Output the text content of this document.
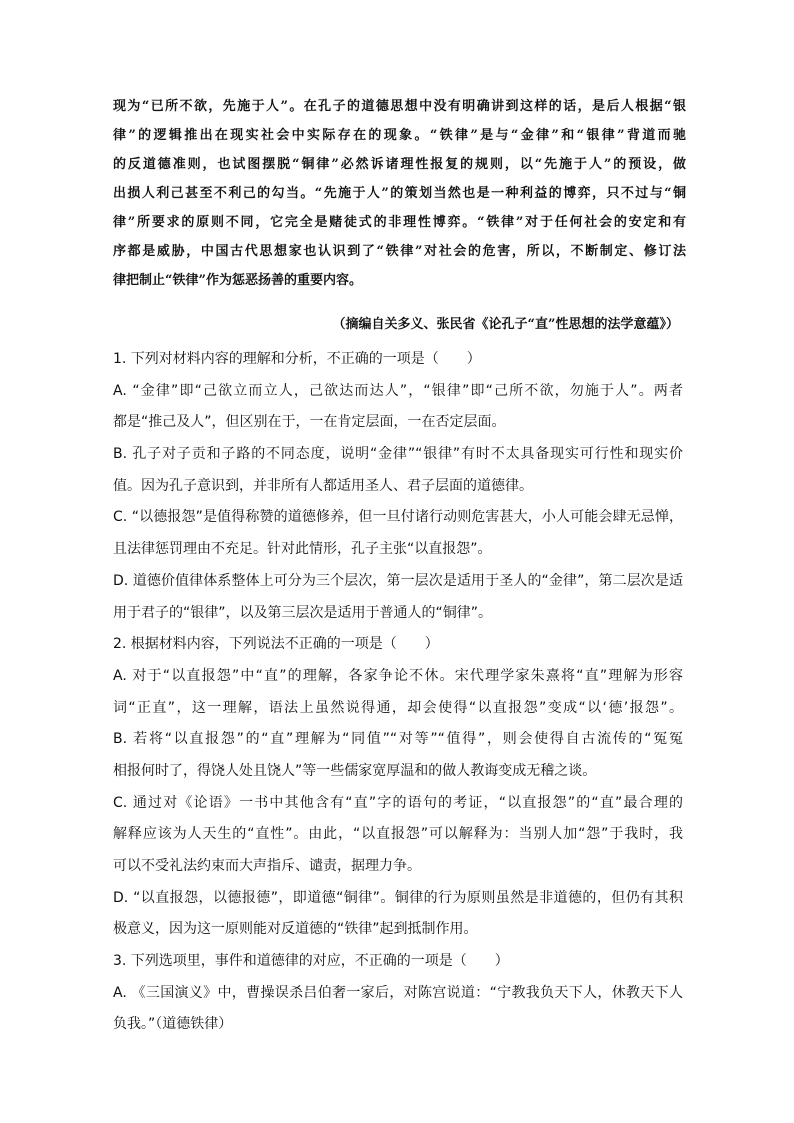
现为“已所不欲，先施于人”。在孔子的道德思想中没有明确讲到这样的话，是后人根据“银
律”的逻辑推出在现实社会中实际存在的现象。“铁律”是与“金律”和“银律”背道而驰
的反道德准则，也试图摆脱“铜律”必然诉诸理性报复的规则，以“先施于人”的预设，做
出损人利己甚至不利己的勾当。“先施于人”的策划当然也是一种利益的博弈，只不过与“铜
律”所要求的原则不同，它完全是赌徒式的非理性博弈。“铁律”对于任何社会的安定和有
序都是威胁，中国古代思想家也认识到了“铁律”对社会的危害，所以，不断制定、修订法
律把制止“铁律”作为惩恶扬善的重要内容。
（摘编自关多义、张民省《论孔子“直”性思想的法学意蕴》）
1. 下列对材料内容的理解和分析，不正确的一项是（　　）
A. “金律”即“己欲立而立人，己欲达而达人”，“银律”即“己所不欲，勿施于人”。两者
都是“推己及人”，但区别在于，一在肯定层面，一在否定层面。
B. 孔子对子贡和子路的不同态度，说明“金律”“银律”有时不太具备现实可行性和现实价
值。因为孔子意识到，并非所有人都适用圣人、君子层面的道德律。
C. “以德报怨”是值得称赞的道德修养，但一旦付诸行动则危害甚大，小人可能会肆无忌惮，
且法律惩罚理由不充足。针对此情形，孔子主张“以直报怨”。
D. 道德价值律体系整体上可分为三个层次，第一层次是适用于圣人的“金律”，第二层次是适
用于君子的“银律”，以及第三层次是适用于普通人的“铜律”。
2. 根据材料内容，下列说法不正确的一项是（　　）
A. 对于“以直报怨”中“直”的理解，各家争论不休。宋代理学家朱熹将“直”理解为形容
词“正直”，这一理解，语法上虽然说得通，却会使得“以直报怨”变成“以‘德’报怨”。
B. 若将“以直报怨”的“直”理解为“同值”“对等”“值得”，则会使得自古流传的“冤冤
相报何时了，得饶人处且饶人”等一些儒家宽厚温和的做人教诲变成无稽之谈。
C. 通过对《论语》一书中其他含有“直”字的语句的考证，“以直报怨”的“直”最合理的
解释应该为人天生的“直性”。由此，“以直报怨”可以解释为：当别人加“怨”于我时，我
可以不受礼法约束而大声指斥、谴责，据理力争。
D. “以直报怨，以德报德”，即道德“铜律”。铜律的行为原则虽然是非道德的，但仍有其积
极意义，因为这一原则能对反道德的“铁律”起到抵制作用。
3. 下列选项里，事件和道德律的对应，不正确的一项是（　　）
A. 《三国演义》中，曹操误杀吕伯奢一家后，对陈宫说道：“宁教我负天下人，休教天下人
负我。”（道德铁律）
